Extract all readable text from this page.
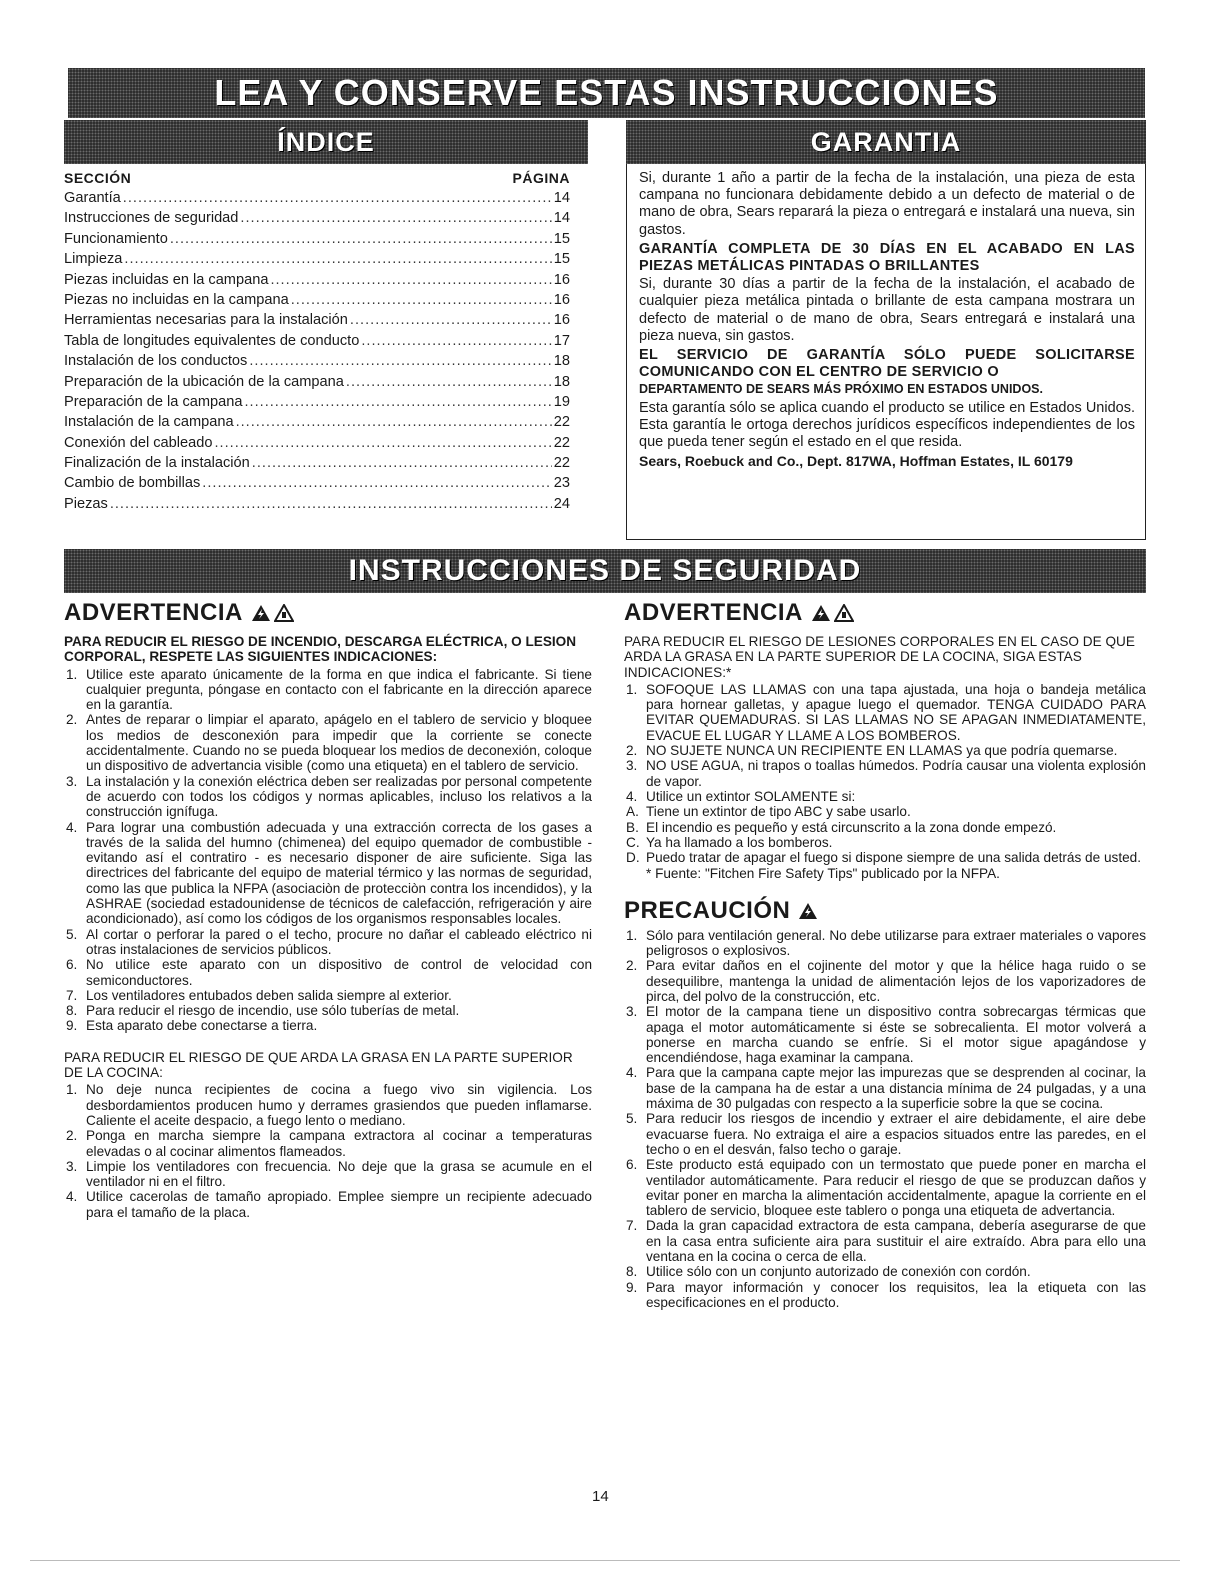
LEA Y CONSERVE ESTAS INSTRUCCIONES
ÍNDICE	GARANTIA
SECCIÓN	PÁGINA
Garantía .....	14
Instrucciones de seguridad .....	14
Funcionamiento .....	15
Limpieza .....	15
Piezas incluidas en la campana .....	16
Piezas no incluidas en la campana .....	16
Herramientas necesarias para la instalación .....	16
Tabla de longitudes equivalentes de conducto .....	17
Instalación de los conductos .....	18
Preparación de la ubicación de la campana .....	18
Preparación de la campana .....	19
Instalación de la campana .....	22
Conexión del cableado .....	22
Finalización de la instalación .....	22
Cambio de bombillas .....	23
Piezas .....	24

Si, durante 1 año a partir de la fecha de la instalación, una pieza de esta campana no funcionara debidamente debido a un defecto de material o de mano de obra, Sears reparará la pieza o entregará e instalará una nueva, sin gastos.

GARANTÍA COMPLETA DE 30 DÍAS EN EL ACABADO EN LAS PIEZAS METÁLICAS PINTADAS O BRILLANTES

Si, durante 30 días a partir de la fecha de la instalación, el acabado de cualquier pieza metálica pintada o brillante de esta campana mostrara un defecto de material o de mano de obra, Sears entregará e instalará una pieza nueva, sin gastos.

EL SERVICIO DE GARANTÍA SÓLO PUEDE SOLICITARSE COMUNICANDO CON EL CENTRO DE SERVICIO O

DEPARTAMENTO DE SEARS MÁS PRÓXIMO EN ESTADOS UNIDOS.

Esta garantía sólo se aplica cuando el producto se utilice en Estados Unidos. Esta garantía le ortoga derechos jurídicos específicos independientes de los que pueda tener según el estado en el que resida.

Sears, Roebuck and Co., Dept. 817WA, Hoffman Estates, IL 60179

INSTRUCCIONES DE SEGURIDAD
ADVERTENCIA

PARA REDUCIR EL RIESGO DE INCENDIO, DESCARGA ELÉCTRICA, O LESION CORPORAL, RESPETE LAS SIGUIENTES INDICACIONES:

1. Utilice este aparato únicamente de la forma en que indica el fabricante. Si tiene cualquier pregunta, póngase en contacto con el fabricante en la dirección aparece en la garantía.
2. Antes de reparar o limpiar el aparato, apágelo en el tablero de servicio y bloquee los medios de desconexión para impedir que la corriente se conecte accidentalmente. Cuando no se pueda bloquear los medios de deconexión, coloque un dispositivo de advertancia visible (como una etiqueta) en el tablero de servicio.
3. La instalación y la conexión eléctrica deben ser realizadas por personal competente de acuerdo con todos los códigos y normas aplicables, incluso los relativos a la construcción ignífuga.
4. Para lograr una combustión adecuada y una extracción correcta de los gases a través de la salida del humno (chimenea) del equipo quemador de combustible - evitando así el contratiro - es necesario disponer de aire suficiente. Siga las directrices del fabricante del equipo de material térmico y las normas de seguridad, como las que publica la NFPA (asociaciòn de protecciòn contra los incendidos), y la ASHRAE (sociedad estadounidense de técnicos de calefacción, refrigeración y aire acondicionado), así como los códigos de los organismos responsables locales.
5. Al cortar o perforar la pared o el techo, procure no dañar el cableado eléctrico ni otras instalaciones de servicios públicos.
6. No utilice este aparato con un dispositivo de control de velocidad con semiconductores.
7. Los ventiladores entubados deben salida siempre al exterior.
8. Para reducir el riesgo de incendio, use sólo tuberías de metal.
9. Esta aparato debe conectarse a tierra.

PARA REDUCIR EL RIESGO DE QUE ARDA LA GRASA EN LA PARTE SUPERIOR DE LA COCINA:

1. No deje nunca recipientes de cocina a fuego vivo sin vigilencia. Los desbordamientos producen humo y derrames grasiendos que pueden inflamarse. Caliente el aceite despacio, a fuego lento o mediano.
2. Ponga en marcha siempre la campana extractora al cocinar a temperaturas elevadas o al cocinar alimentos flameados.
3. Limpie los ventiladores con frecuencia. No deje que la grasa se acumule en el ventilador ni en el filtro.
4. Utilice cacerolas de tamaño apropiado. Emplee siempre un recipiente adecuado para el tamaño de la placa.
ADVERTENCIA

PARA REDUCIR EL RIESGO DE LESIONES CORPORALES EN EL CASO DE QUE ARDA LA GRASA EN LA PARTE SUPERIOR DE LA COCINA, SIGA ESTAS INDICACIONES:*

1. SOFOQUE LAS LLAMAS con una tapa ajustada, una hoja o bandeja metálica para hornear galletas, y apague luego el quemador. TENGA CUIDADO PARA EVITAR QUEMADURAS. SI LAS LLAMAS NO SE APAGAN INMEDIATAMENTE, EVACUE EL LUGAR Y LLAME A LOS BOMBEROS.
2. NO SUJETE NUNCA UN RECIPIENTE EN LLAMAS ya que podría quemarse.
3. NO USE AGUA, ni trapos o toallas húmedos. Podría causar una violenta explosión de vapor.
4. Utilice un extintor SOLAMENTE si:
A. Tiene un extintor de tipo ABC y sabe usarlo.
B. El incendio es pequeño y está circunscrito a la zona donde empezó.
C. Ya ha llamado a los bomberos.
D. Puedo tratar de apagar el fuego si dispone siempre de una salida detrás de usted.

* Fuente: "Fitchen Fire Safety Tips" publicado por la NFPA.

PRECAUCIÓN
1. Sólo para ventilación general. No debe utilizarse para extraer materiales o vapores peligrosos o explosivos.
2. Para evitar daños en el cojinente del motor y que la hélice haga ruido o se desequilibre, mantenga la unidad de alimentación lejos de los vaporizadores de pirca, del polvo de la construcción, etc.
3. El motor de la campana tiene un dispositivo contra sobrecargas térmicas que apaga el motor automáticamente si éste se sobrecalienta. El motor volverá a ponerse en marcha cuando se enfríe. Si el motor sigue apagándose y encendiéndose, haga examinar la campana.
4. Para que la campana capte mejor las impurezas que se desprenden al cocinar, la base de la campana ha de estar a una distancia mínima de 24 pulgadas, y a una máxima de 30 pulgadas con respecto a la superficie sobre la que se cocina.
5. Para reducir los riesgos de incendio y extraer el aire debidamente, el aire debe evacuarse fuera. No extraiga el aire a espacios situados entre las paredes, en el techo o en el desván, falso techo o garaje.
6. Este producto está equipado con un termostato que puede poner en marcha el ventilador automáticamente. Para reducir el riesgo de que se produzcan daños y evitar poner en marcha la alimentación accidentalmente, apague la corriente en el tablero de servicio, bloquee este tablero o ponga una etiqueta de advertancia.
7. Dada la gran capacidad extractora de esta campana, debería asegurarse de que en la casa entra suficiente aira para sustituir el aire extraído. Abra para ello una ventana en la cocina o cerca de ella.
8. Utilice sólo con un conjunto autorizado de conexión con cordón.
9. Para mayor información y conocer los requisitos, lea la etiqueta con las especificaciones en el producto.
14
